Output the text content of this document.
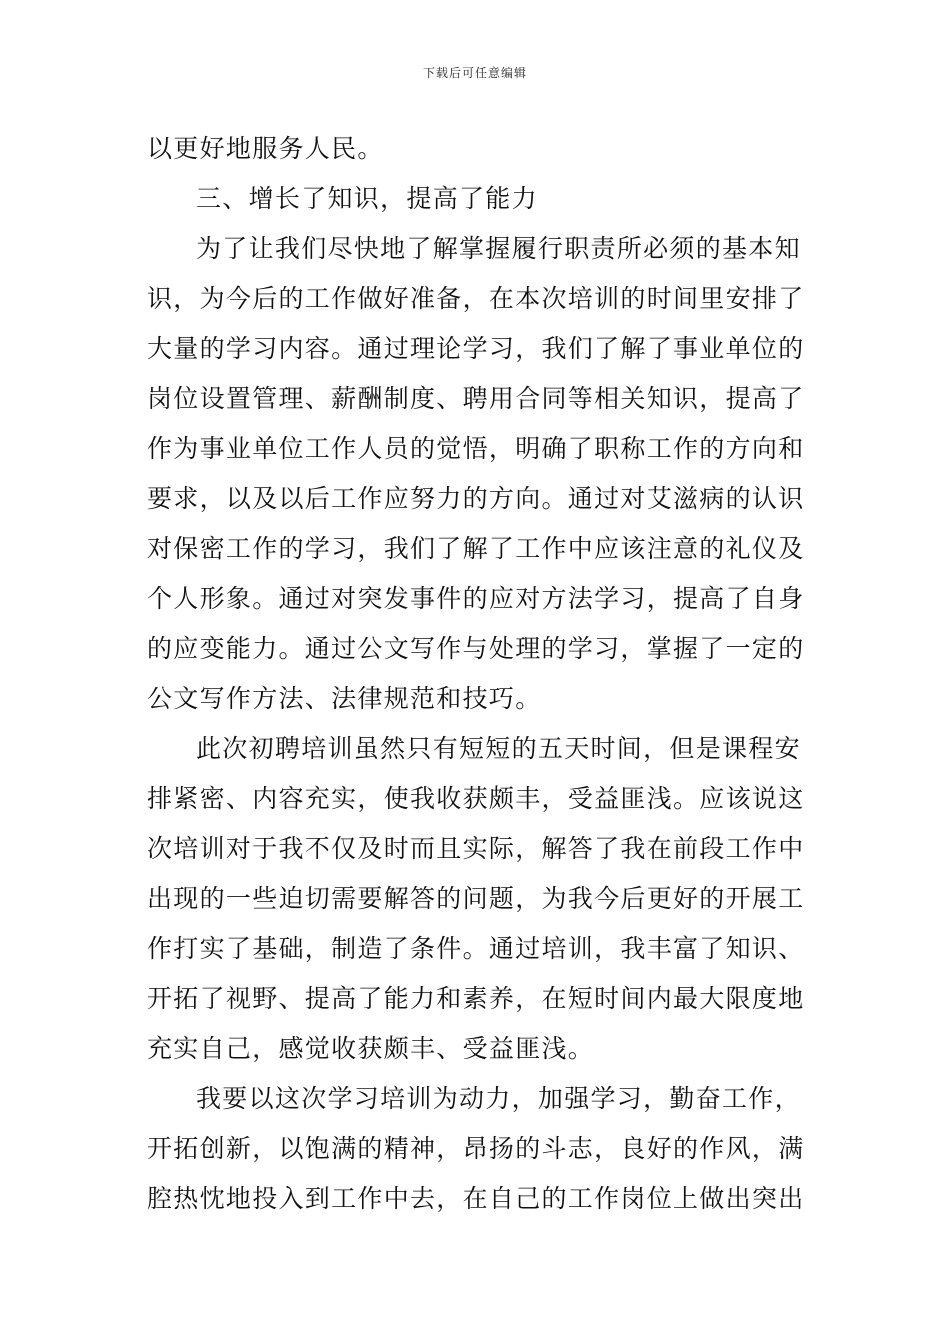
下载后可任意编辑
以更好地服务人民。
三、增长了知识，提高了能力
为了让我们尽快地了解掌握履行职责所必须的基本知
识，为今后的工作做好准备，在本次培训的时间里安排了
大量的学习内容。通过理论学习，我们了解了事业单位的
岗位设置管理、薪酬制度、聘用合同等相关知识，提高了
作为事业单位工作人员的觉悟，明确了职称工作的方向和
要求，以及以后工作应努力的方向。通过对艾滋病的认识
对保密工作的学习，我们了解了工作中应该注意的礼仪及
个人形象。通过对突发事件的应对方法学习，提高了自身
的应变能力。通过公文写作与处理的学习，掌握了一定的
公文写作方法、法律规范和技巧。
此次初聘培训虽然只有短短的五天时间，但是课程安
排紧密、内容充实，使我收获颇丰，受益匪浅。应该说这
次培训对于我不仅及时而且实际，解答了我在前段工作中
出现的一些迫切需要解答的问题，为我今后更好的开展工
作打实了基础，制造了条件。通过培训，我丰富了知识、
开拓了视野、提高了能力和素养，在短时间内最大限度地
充实自己，感觉收获颇丰、受益匪浅。
我要以这次学习培训为动力，加强学习，勤奋工作，
开拓创新，以饱满的精神，昂扬的斗志，良好的作风，满
腔热忱地投入到工作中去，在自己的工作岗位上做出突出
